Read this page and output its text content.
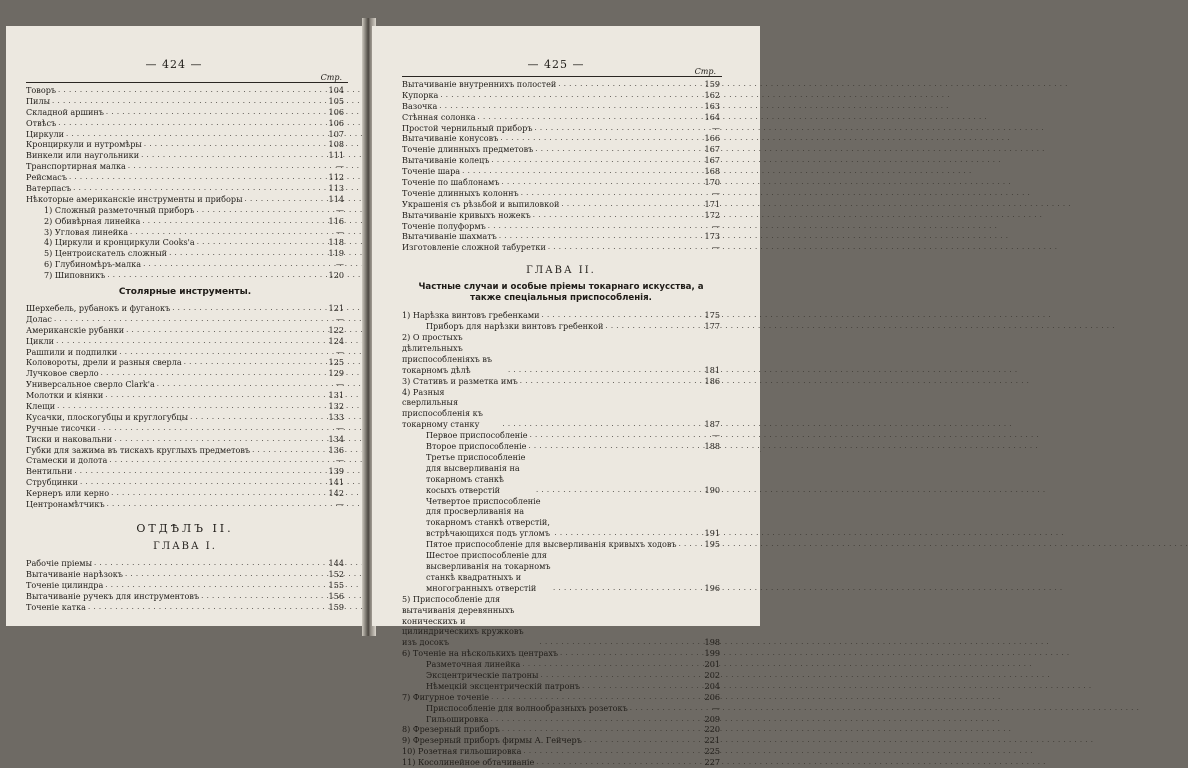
— 424 —
Стр.
Товоръ . . .	104
Пилы . . .	105
Складной аршинъ . . .	106
Отвѣсъ . . .	106
Циркули . . .	107
Кронциркули и нутромѣры . . .	108
Винкели или наугольники . . .	111
Транспортирная малка . . .	—
Рейсмасъ . . .	112
Ватерпасъ . . .	113
Нѣкоторые американскіе инструменты и приборы . . .	114
1) Сложный разметочный приборъ . . .	—
2) Обивѣрная линейка . . .	116
3) Угловая линейка . . .	—
4) Циркули и кронциркули Cooks'а . . .	118
5) Центроискатель сложный . . .	119
6) Глубиномѣръ-малка . . .	—
7) Шиповникъ . . .	120
Столярные инструменты.
Шерхебель, рубанокъ и фуганокъ . . .	121
Долас . . .	—
Американскіе рубанки . . .	122
Цикли . . .	124
Рашпили и подпилки . . .	—
Коловороты, дрели и разныя сверла . . .	125
Лучковое сверло . . .	129
Универсальное сверло Clark'а . . .	—
Молотки и кіянки . . .	131
Клещи . . .	132
Кусачки, плоскогубцы и круглогубцы . . .	133
Ручные тисочки . . .	—
Тиски и наковальни . . .	134
Губки для зажима въ тискахъ круглыхъ предметовъ . . .	136
Стамески и долота . . .	—
Вентильни . . .	139
Струбцинки . . .	141
Кернеръ или керно . . .	142
Центронамѣтчикъ . . .	—
ОТДѢЛЪ II.
ГЛАВА I.
Рабочіе пріемы . . .	144
Вытачиваніе нарѣзокъ . . .	152
Точеніе цилиндра . . .	155
Вытачиваніе ручекъ для инструментовъ . . .	156
Точеніе катка . . .	159
— 425 —
Стр.
Вытачиваніе внутреннихъ полостей . . .	159
Купорка . . .	162
Вазочка . . .	163
Стѣнная солонка . . .	164
Простой чернильный приборъ . . .	—
Вытачиваніе конусовъ . . .	166
Точеніе длинныхъ предметовъ . . .	167
Вытачиваніе колецъ . . .	167
Точеніе шара . . .	168
Точеніе по шаблонамъ . . .	170
Точеніе длинныхъ колоннъ . . .	—
Украшенія съ рѣзьбой и выпиловкой . . .	171
Вытачиваніе кривыхъ ножекъ . . .	172
Точеніе полуформъ . . .	—
Вытачиваніе шахматъ . . .	173
Изготовленіе сложной табуретки . . .	—
ГЛАВА II.
Частные случаи и особые пріемы токарнаго искусства, а также спеціальныя приспособленія.
1) Нарѣзка винтовъ гребенками . . .	175
Приборъ для нарѣзки винтовъ гребенкой . . .	177
2) О простыхъ дѣлительныхъ приспособленіяхъ въ токарномъ дѣлѣ . . .	181
3) Стативъ и разметка имъ . . .	186
4) Разныя сверлильныя приспособленія къ токарному станку . . .	187
Первое приспособленіе . . .	—
Второе приспособленіе . . .	188
Третье приспособленіе для высверливанія на токарномъ станкѣ косыхъ отверстій . . .	190
Четвертое приспособленіе для просверливанія на токарномъ станкѣ отверстій, встрѣчающихся подъ угломъ . . .	191
Пятое приспособленіе для высверливанія кривыхъ ходовъ . . .	195
Шестое приспособленіе для высверливанія на токарномъ станкѣ квадратныхъ и многогранныхъ отверстій . . .	196
5) Приспособленіе для вытачиванія деревянныхъ коническихъ и цилиндрическихъ кружковъ изъ досокъ . . .	198
6) Точеніе на нѣсколькихъ центрахъ . . .	199
Разметочная линейка . . .	201
Эксцентрическіе патроны . . .	202
Нѣмецкій эксцентрическій патронъ . . .	204
7) Фигурное точеніе . . .	206
Приспособленіе для волнообразныхъ розетокъ . . .	—
Гильошировка . . .	209
8) Фрезерный приборъ . . .	220
9) Фрезерный приборъ фирмы А. Гейчеръ . . .	221
10) Розетная гильошировка . . .	225
11) Косолинейное обтачиваніе . . .	227
